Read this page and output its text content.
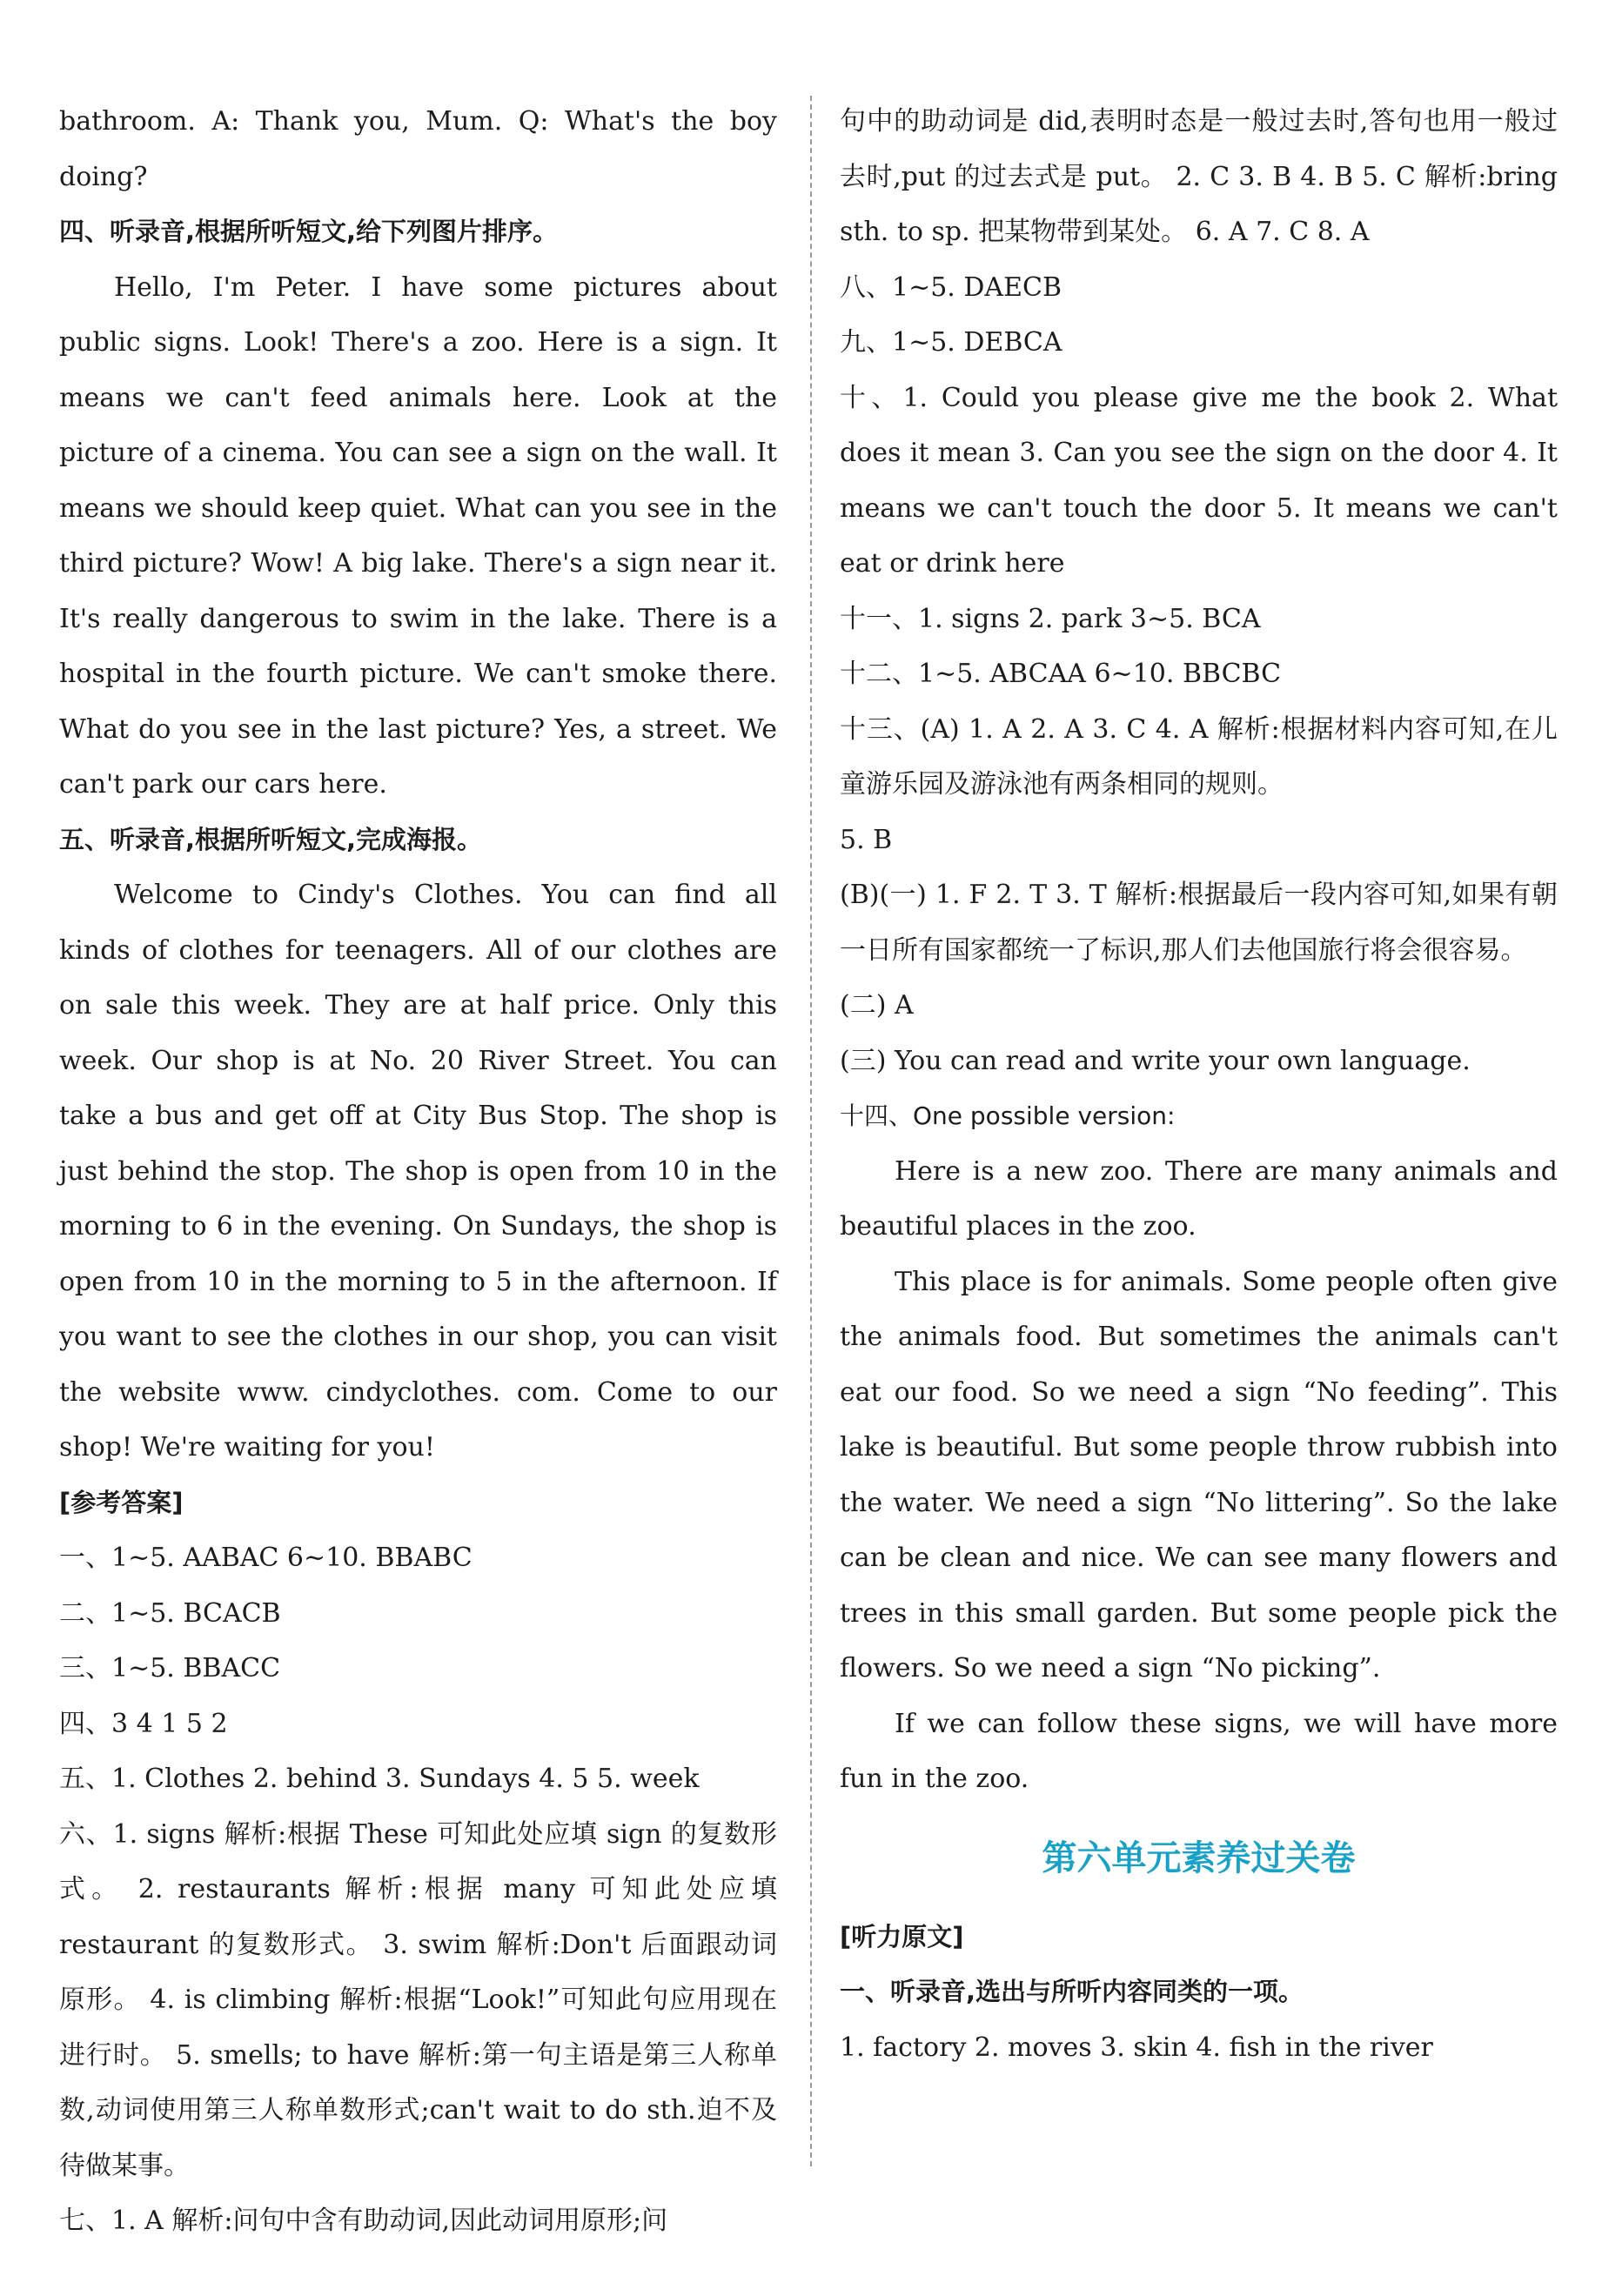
bathroom. A: Thank you, Mum. Q: What's the boy doing?

四、听录音,根据所听短文,给下列图片排序。

Hello, I'm Peter. I have some pictures about public signs. Look! There's a zoo. Here is a sign. It means we can't feed animals here. Look at the picture of a cinema. You can see a sign on the wall. It means we should keep quiet. What can you see in the third picture? Wow! A big lake. There's a sign near it. It's really dangerous to swim in the lake. There is a hospital in the fourth picture. We can't smoke there. What do you see in the last picture? Yes, a street. We can't park our cars here.

五、听录音,根据所听短文,完成海报。

Welcome to Cindy's Clothes. You can find all kinds of clothes for teenagers. All of our clothes are on sale this week. They are at half price. Only this week. Our shop is at No. 20 River Street. You can take a bus and get off at City Bus Stop. The shop is just behind the stop. The shop is open from 10 in the morning to 6 in the evening. On Sundays, the shop is open from 10 in the morning to 5 in the afternoon. If you want to see the clothes in our shop, you can visit the website www. cindyclothes. com. Come to our shop! We're waiting for you!

[参考答案]

一、1~5. AABAC 6~10. BBABC

二、1~5. BCACB

三、1~5. BBACC

四、3 4 1 5 2

五、1. Clothes 2. behind 3. Sundays 4. 5 5. week

六、1. signs 解析:根据 These 可知此处应填 sign 的复数形式。 2. restaurants 解析:根据 many 可知此处应填 restaurant 的复数形式。 3. swim 解析:Don't 后面跟动词原形。 4. is climbing 解析:根据“Look!”可知此句应用现在进行时。 5. smells; to have 解析:第一句主语是第三人称单数,动词使用第三人称单数形式;can't wait to do sth.迫不及待做某事。

七、1. A 解析:问句中含有助动词,因此动词用原形;问

句中的助动词是 did,表明时态是一般过去时,答句也用一般过去时,put 的过去式是 put。 2. C 3. B 4. B 5. C 解析:bring sth. to sp. 把某物带到某处。 6. A 7. C 8. A

八、1~5. DAECB

九、1~5. DEBCA

十、1. Could you please give me the book 2. What does it mean 3. Can you see the sign on the door 4. It means we can't touch the door 5. It means we can't eat or drink here

十一、1. signs 2. park 3~5. BCA

十二、1~5. ABCAA 6~10. BBCBC

十三、(A) 1. A 2. A 3. C 4. A 解析:根据材料内容可知,在儿童游乐园及游泳池有两条相同的规则。

5. B

(B)(一) 1. F 2. T 3. T 解析:根据最后一段内容可知,如果有朝一日所有国家都统一了标识,那人们去他国旅行将会很容易。

(二) A

(三) You can read and write your own language.

十四、One possible version:

Here is a new zoo. There are many animals and beautiful places in the zoo.

This place is for animals. Some people often give the animals food. But sometimes the animals can't eat our food. So we need a sign “No feeding”. This lake is beautiful. But some people throw rubbish into the water. We need a sign “No littering”. So the lake can be clean and nice. We can see many flowers and trees in this small garden. But some people pick the flowers. So we need a sign “No picking”.

If we can follow these signs, we will have more fun in the zoo.

第六单元素养过关卷

[听力原文]

一、听录音,选出与所听内容同类的一项。

1. factory 2. moves 3. skin 4. fish in the river
